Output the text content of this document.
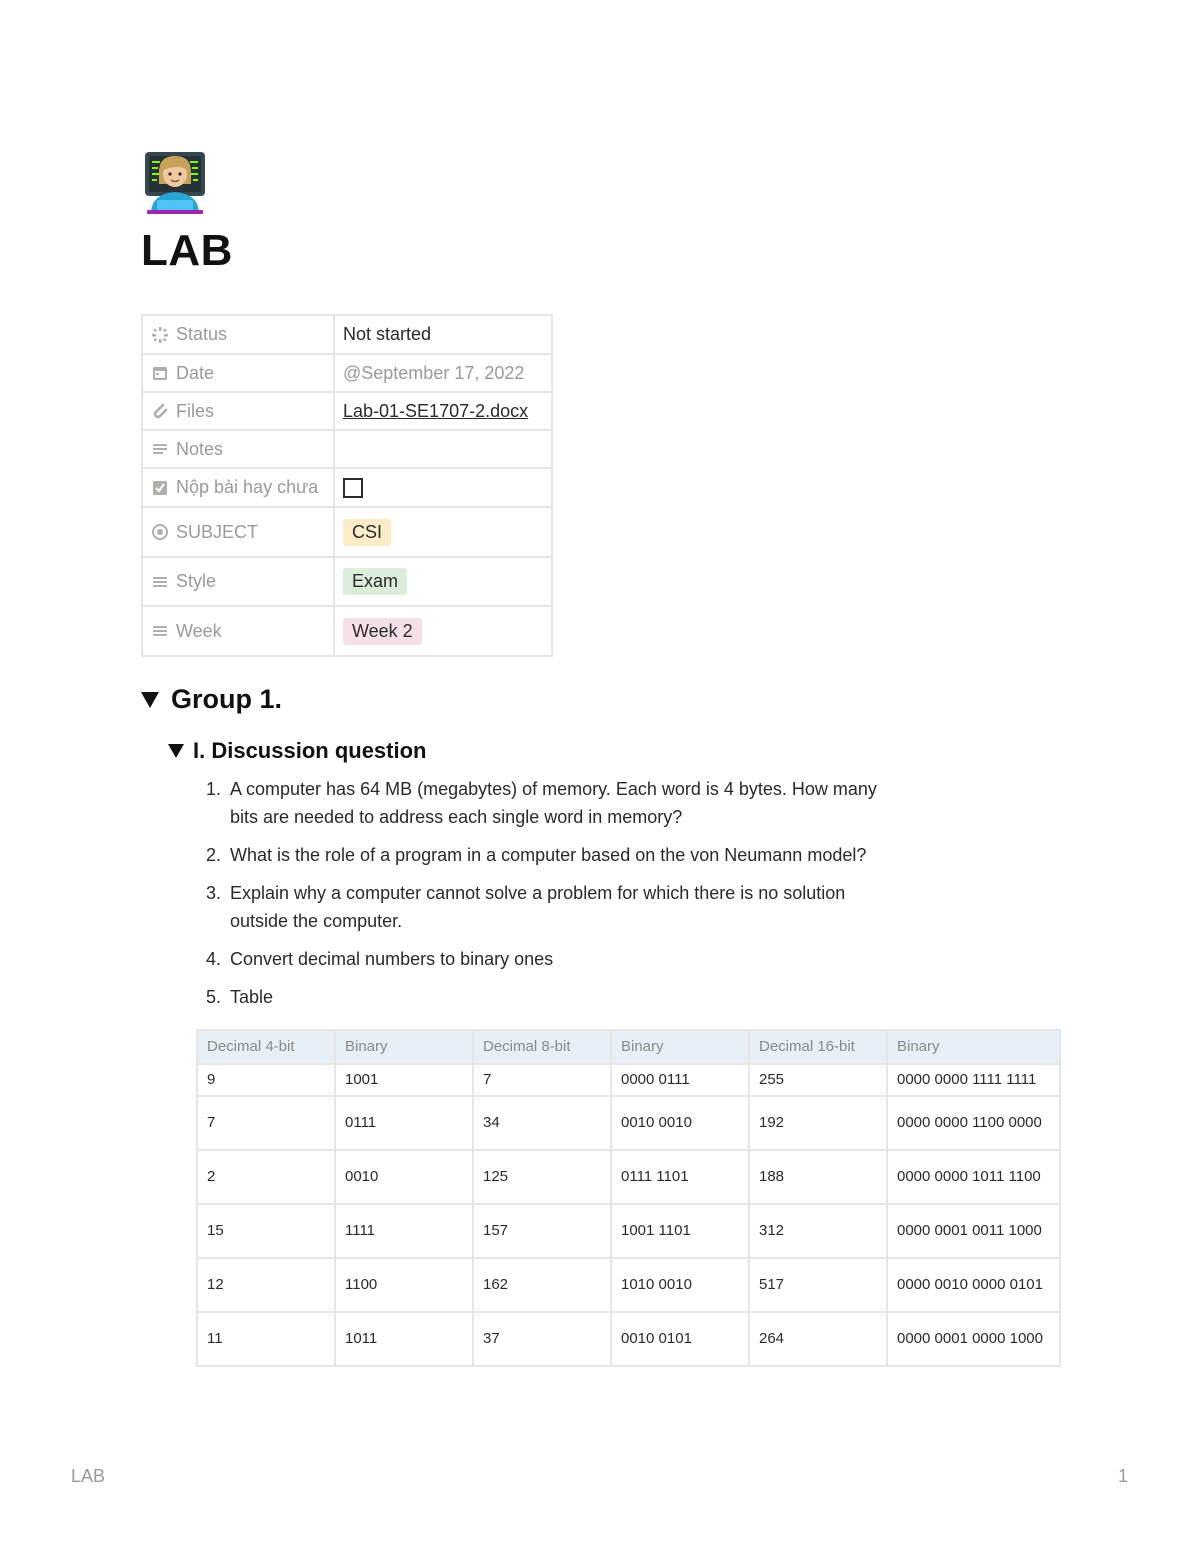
LAB
Status	Not started

Date	@September 17, 2022

Files	Lab-01-SE1707-2.docx

Notes	

Nộp bài hay chưa	

SUBJECT	CSI

Style	Exam

Week	Week 2
Group 1.
I. Discussion question
1. A computer has 64 MB (megabytes) of memory. Each word is 4 bytes. How many bits are needed to address each single word in memory?
2. What is the role of a program in a computer based on the von Neumann model?
3. Explain why a computer cannot solve a problem for which there is no solution outside the computer.
4. Convert decimal numbers to binary ones
5. Table
Decimal 4-bit	Binary	Decimal 8-bit	Binary	Decimal 16-bit	Binary
9	1001	7	0000 0111	255	0000 0000 1111 1111
7	0111	34	0010 0010	192	0000 0000 1100 0000
2	0010	125	0111 1101	188	0000 0000 1011 1100
15	1111	157	1001 1101	312	0000 0001 0011 1000
12	1100	162	1010 0010	517	0000 0010 0000 0101
11	1011	37	0010 0101	264	0000 0001 0000 1000
LAB	1
